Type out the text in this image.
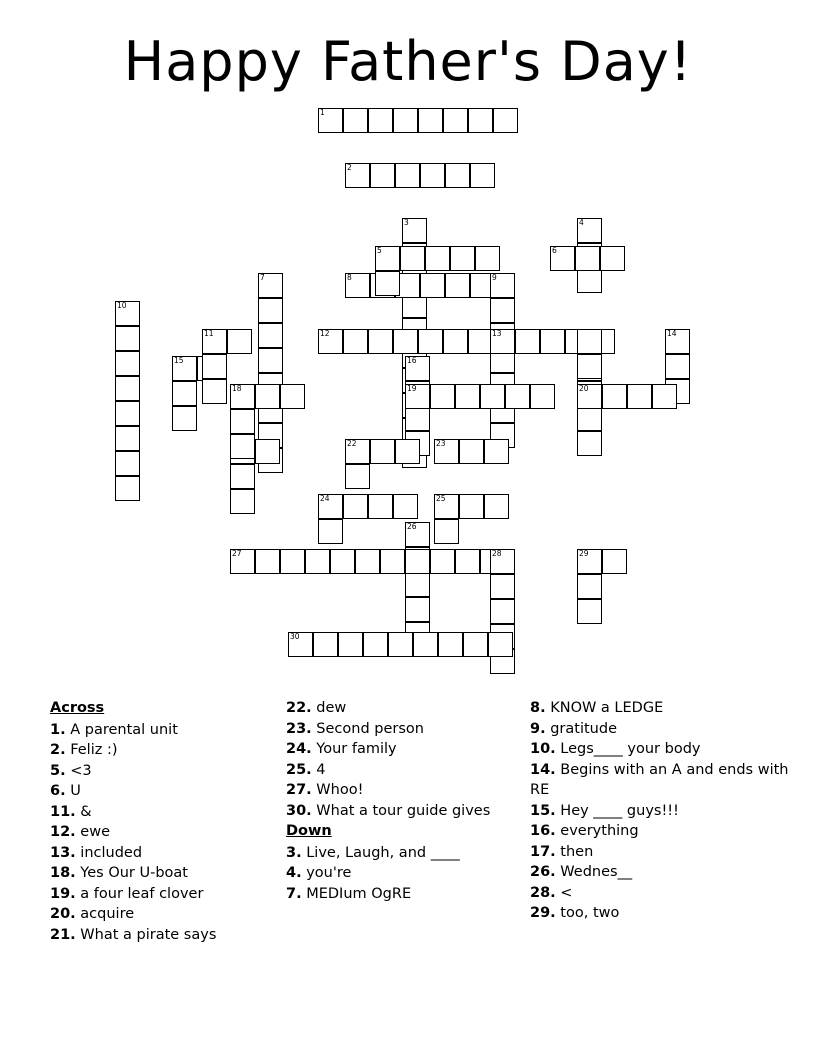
Happy Father's Day!
1
2
3	4
5	6
7	8	9
10
11	12	13	14
15	16
18	19	20
22	23
24	25
26
27	28	29
30
Across
1. A parental unit
2. Feliz :)
5. <3
6. U
11. &
12. ewe
13. included
18. Yes Our U-boat
19. a four leaf clover
20. acquire
21. What a pirate says
22. dew
23. Second person
24. Your family
25. 4
27. Whoo!
30. What a tour guide gives
Down
3. Live, Laugh, and ____
4. you're
7. MEDIum OgRE
8. KNOW a LEDGE
9. gratitude
10. Legs____ your body
14. Begins with an A and ends with RE
15. Hey ____ guys!!!
16. everything
17. then
26. Wednes__
28. <
29. too, two
